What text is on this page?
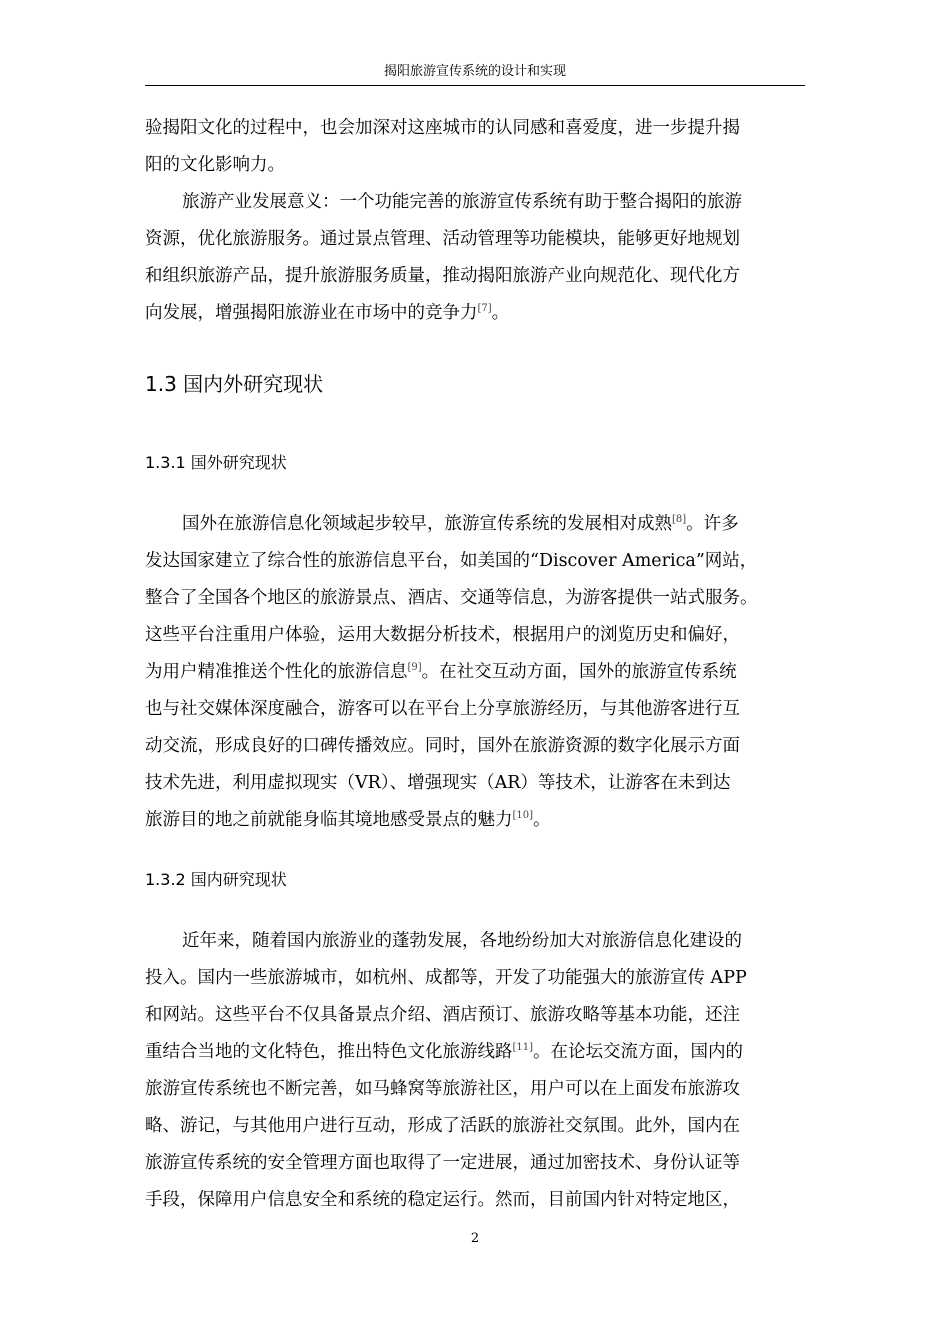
揭阳旅游宣传系统的设计和实现
验揭阳文化的过程中，也会加深对这座城市的认同感和喜爱度，进一步提升揭
阳的文化影响力。
旅游产业发展意义：一个功能完善的旅游宣传系统有助于整合揭阳的旅游
资源，优化旅游服务。通过景点管理、活动管理等功能模块，能够更好地规划
和组织旅游产品，提升旅游服务质量，推动揭阳旅游产业向规范化、现代化方
向发展，增强揭阳旅游业在市场中的竞争力[7]。
1.3 国内外研究现状
1.3.1 国外研究现状
国外在旅游信息化领域起步较早，旅游宣传系统的发展相对成熟[8]。许多
发达国家建立了综合性的旅游信息平台，如美国的“Discover America”网站，
整合了全国各个地区的旅游景点、酒店、交通等信息，为游客提供一站式服务。
这些平台注重用户体验，运用大数据分析技术，根据用户的浏览历史和偏好，
为用户精准推送个性化的旅游信息[9]。在社交互动方面，国外的旅游宣传系统
也与社交媒体深度融合，游客可以在平台上分享旅游经历，与其他游客进行互
动交流，形成良好的口碑传播效应。同时，国外在旅游资源的数字化展示方面
技术先进，利用虚拟现实（VR）、增强现实（AR）等技术，让游客在未到达
旅游目的地之前就能身临其境地感受景点的魅力[10]。
1.3.2 国内研究现状
近年来，随着国内旅游业的蓬勃发展，各地纷纷加大对旅游信息化建设的
投入。国内一些旅游城市，如杭州、成都等，开发了功能强大的旅游宣传 APP
和网站。这些平台不仅具备景点介绍、酒店预订、旅游攻略等基本功能，还注
重结合当地的文化特色，推出特色文化旅游线路[11]。在论坛交流方面，国内的
旅游宣传系统也不断完善，如马蜂窝等旅游社区，用户可以在上面发布旅游攻
略、游记，与其他用户进行互动，形成了活跃的旅游社交氛围。此外，国内在
旅游宣传系统的安全管理方面也取得了一定进展，通过加密技术、身份认证等
手段，保障用户信息安全和系统的稳定运行。然而，目前国内针对特定地区，
2
